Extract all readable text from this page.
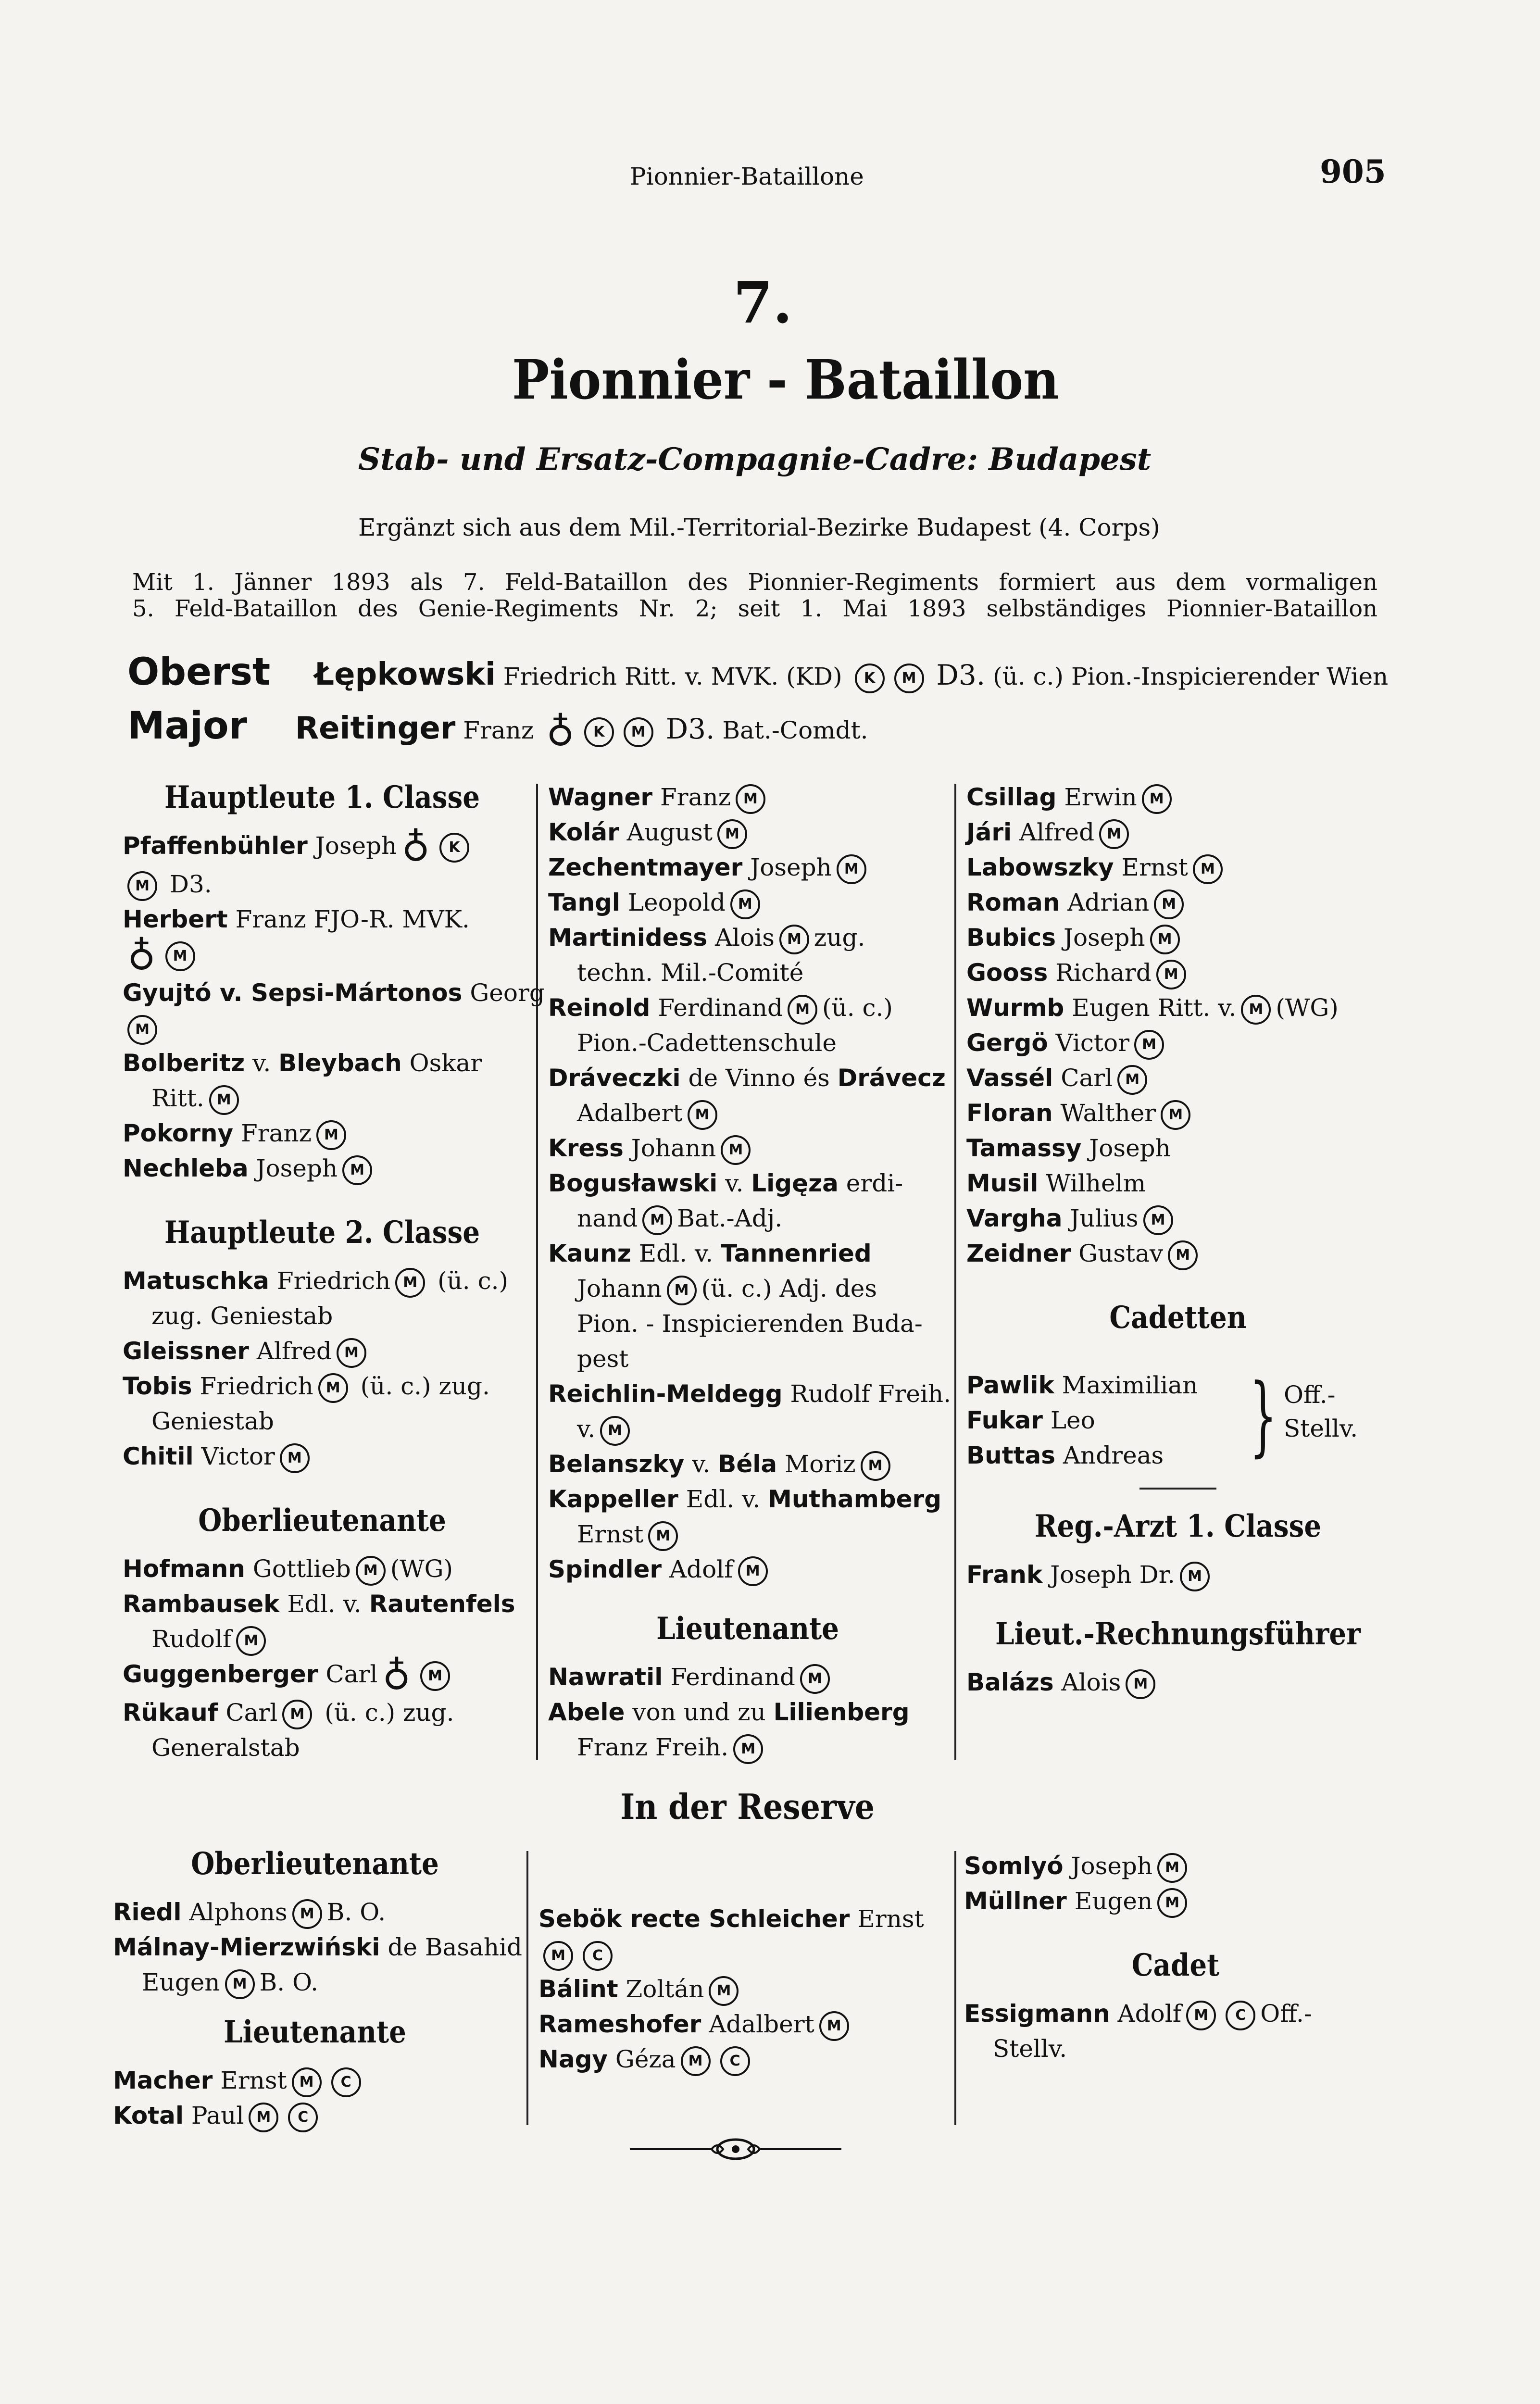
Pionnier-Bataillone	905
7.
Pionnier - Bataillon
Stab- und Ersatz-Compagnie-Cadre: Budapest
Ergänzt sich aus dem Mil.-Territorial-Bezirke Budapest (4. Corps)
Mit 1. Jänner 1893 als 7. Feld-Bataillon des Pionnier-Regiments formiert aus dem vormaligen
5. Feld-Bataillon des Genie-Regiments Nr. 2; seit 1. Mai 1893 selbständiges Pionnier-Bataillon
Oberst Łępkowski Friedrich Ritt. v. MVK. (KD) K M D3. (ü. c.) Pion.-Inspicierender Wien
Major Reitinger Franz ♁ K M D3. Bat.-Comdt.
Hauptleute 1. Classe
Pfaffenbühler Joseph ♁ K
M D3.
Herbert Franz FJO-R. MVK.
♁ M
Gyujtó v. Sepsi-Mártonos Georg
M
Bolberitz v. Bleybach Oskar
Ritt. M
Pokorny Franz M
Nechleba Joseph M
Hauptleute 2. Classe
Matuschka Friedrich M (ü. c.)
zug. Geniestab
Gleissner Alfred M
Tobis Friedrich M (ü. c.) zug.
Geniestab
Chitil Victor M
Oberlieutenante
Hofmann Gottlieb M (WG)
Rambausek Edl. v. Rautenfels
Rudolf M
Guggenberger Carl ♁ M
Rükauf Carl M (ü. c.) zug.
Generalstab
Wagner Franz M
Kolár August M
Zechentmayer Joseph M
Tangl Leopold M
Martinidess Alois M zug.
techn. Mil.-Comité
Reinold Ferdinand M (ü. c.)
Pion.-Cadettenschule
Dráveczki de Vinno és Drávecz
Adalbert M
Kress Johann M
Bogusławski v. Ligęza erdi-
nand M Bat.-Adj.
Kaunz Edl. v. Tannenried
Johann M (ü. c.) Adj. des
Pion. - Inspicierenden Buda-
pest
Reichlin-Meldegg Rudolf Freih.
v. M
Belanszky v. Béla Moriz M
Kappeller Edl. v. Muthamberg
Ernst M
Spindler Adolf M
Lieutenante
Nawratil Ferdinand M
Abele von und zu Lilienberg
Franz Freih. M
Csillag Erwin M
Jári Alfred M
Labowszky Ernst M
Roman Adrian M
Bubics Joseph M
Gooss Richard M
Wurmb Eugen Ritt. v. M (WG)
Gergö Victor M
Vassél Carl M
Floran Walther M
Tamassy Joseph
Musil Wilhelm
Vargha Julius M
Zeidner Gustav M
Cadetten
Pawlik Maximilian
Fukar Leo
Buttas Andreas } Off.-
Stellv.
Reg.-Arzt 1. Classe
Frank Joseph Dr. M
Lieut.-Rechnungsführer
Balázs Alois M
In der Reserve
Oberlieutenante
Riedl Alphons M B. O.
Málnay-Mierzwiński de Basahid
Eugen M B. O.
Lieutenante
Macher Ernst M C
Kotal Paul M C
Sebök recte Schleicher Ernst
M C
Bálint Zoltán M
Rameshofer Adalbert M
Nagy Géza M C
Somlyó Joseph M
Müllner Eugen M
Cadet
Essigmann Adolf M C Off.-
Stellv.
